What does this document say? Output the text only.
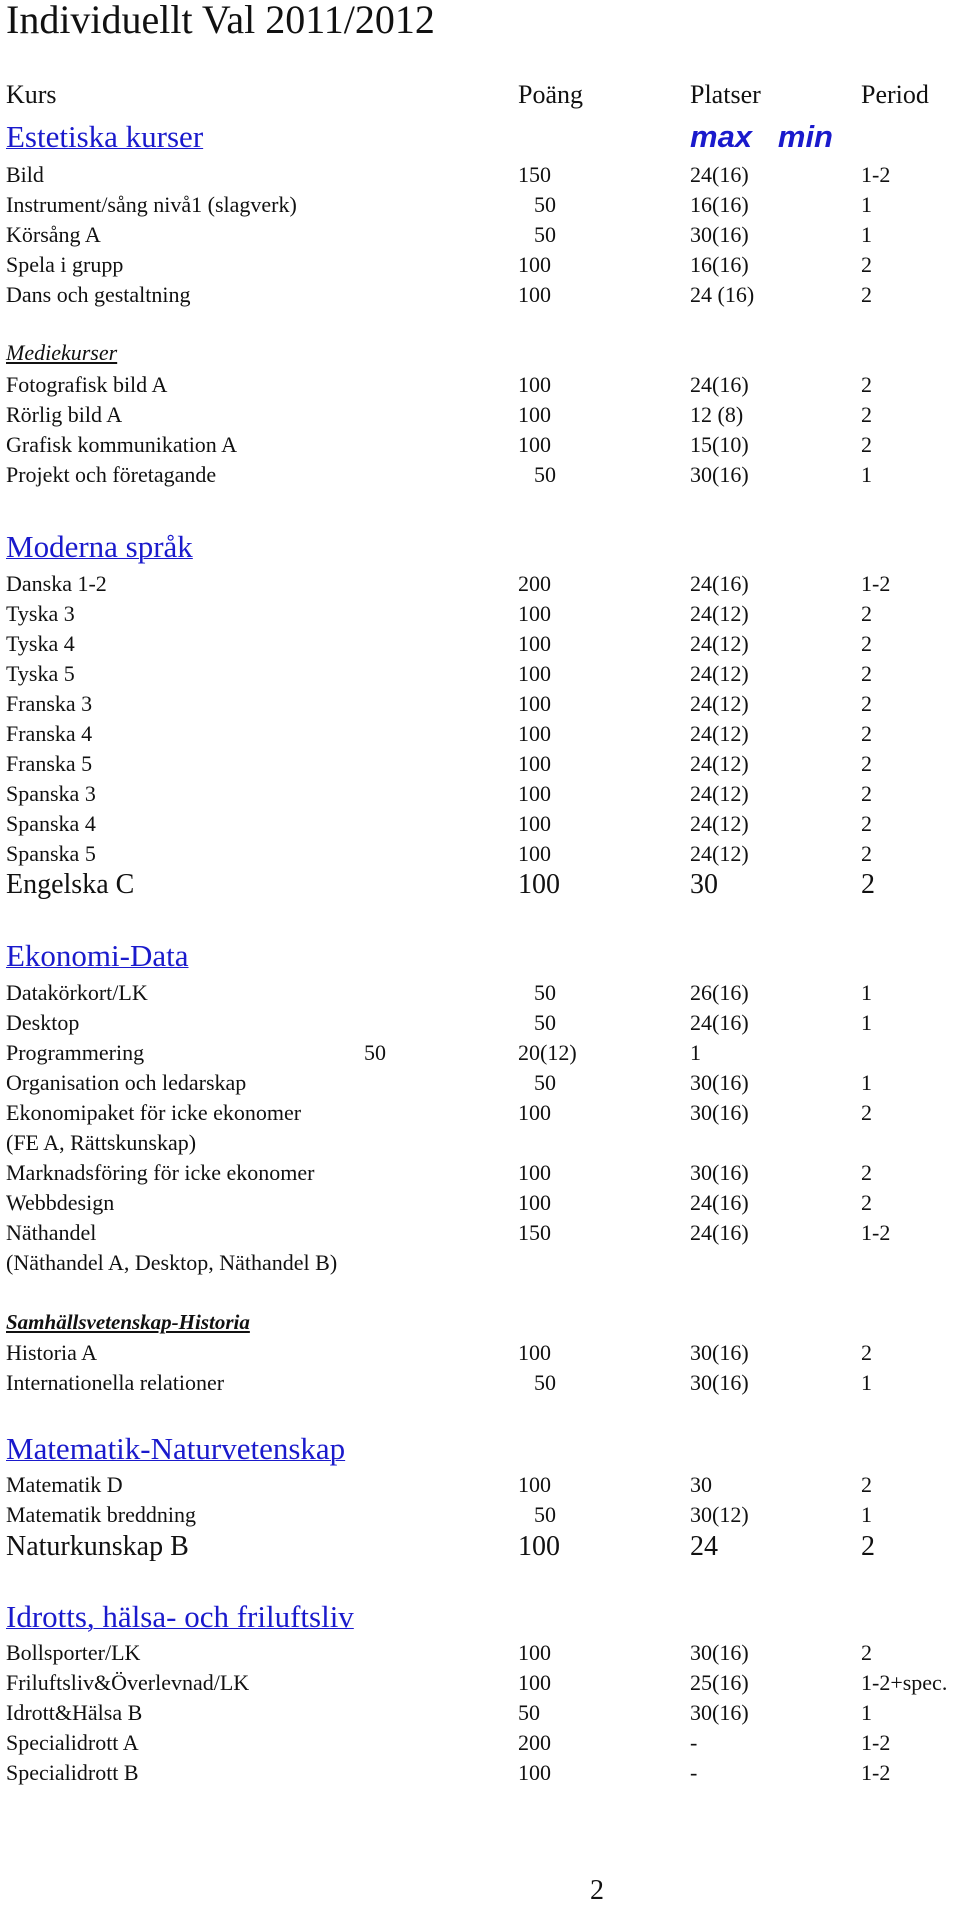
Individuellt Val 2011/2012
Kurs	Poäng	Platser	Period
Estetiska kurser	max   min
Bild	150	24(16)	1-2
Instrument/sång nivå1 (slagverk)	50	16(16)	1
Körsång A	50	30(16)	1
Spela i grupp	100	16(16)	2
Dans och gestaltning	100	24 (16)	2
Mediekurser
Fotografisk bild A	100	24(16)	2
Rörlig bild A	100	12 (8)	2
Grafisk kommunikation A	100	15(10)	2
Projekt och företagande	50	30(16)	1
Moderna språk
Danska 1-2	200	24(16)	1-2
Tyska 3	100	24(12)	2
Tyska 4	100	24(12)	2
Tyska 5	100	24(12)	2
Franska 3	100	24(12)	2
Franska 4	100	24(12)	2
Franska 5	100	24(12)	2
Spanska 3	100	24(12)	2
Spanska 4	100	24(12)	2
Spanska 5	100	24(12)	2
Engelska C	100	30	2
Ekonomi-Data
Datakörkort/LK	50	26(16)	1
Desktop	50	24(16)	1
Programmering	50	20(12)	1
Organisation och ledarskap	50	30(16)	1
Ekonomipaket för icke ekonomer	100	30(16)	2
(FE A, Rättskunskap)
Marknadsföring för icke ekonomer	100	30(16)	2
Webbdesign	100	24(16)	2
Näthandel	150	24(16)	1-2
(Näthandel A, Desktop, Näthandel B)
Samhällsvetenskap-Historia
Historia A	100	30(16)	2
Internationella relationer	50	30(16)	1
Matematik-Naturvetenskap
Matematik D	100	30	2
Matematik breddning	50	30(12)	1
Naturkunskap B	100	24	2
Idrotts, hälsa- och friluftsliv
Bollsporter/LK	100	30(16)	2
Friluftsliv&Överlevnad/LK	100	25(16)	1-2+spec.
Idrott&Hälsa B	50	30(16)	1
Specialidrott A	200	-	1-2
Specialidrott B	100	-	1-2
2
